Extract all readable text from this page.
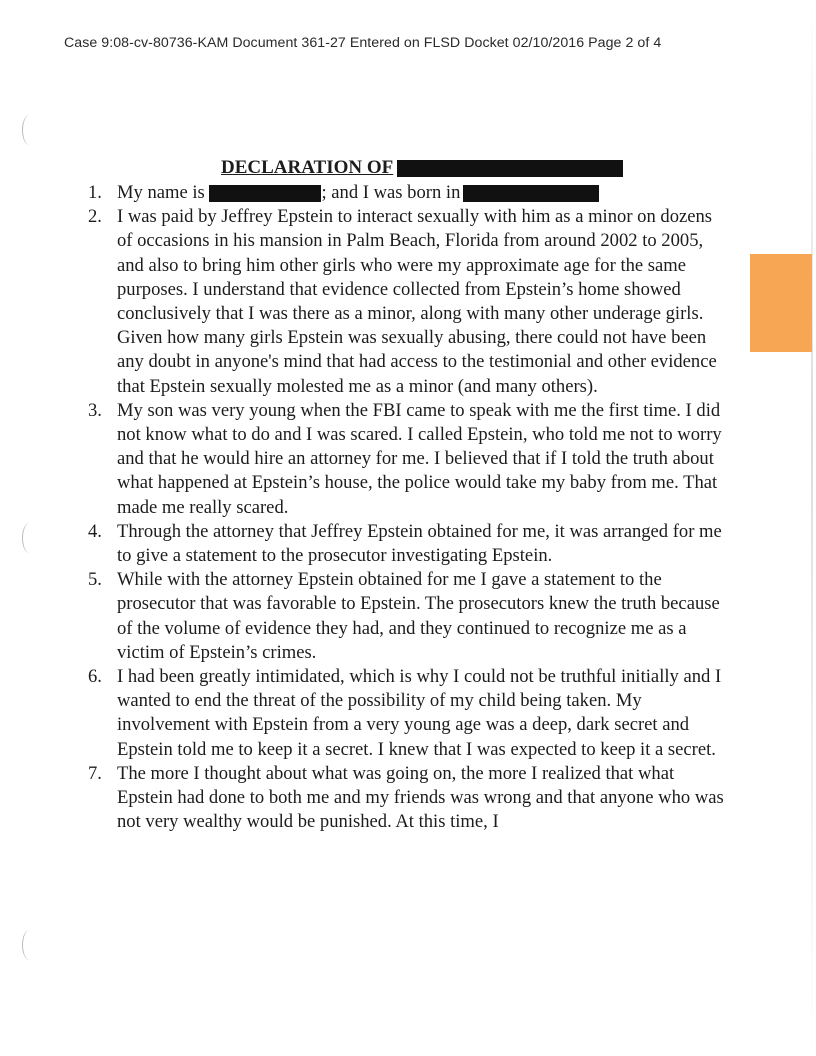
Case 9:08-cv-80736-KAM Document 361-27 Entered on FLSD Docket 02/10/2016 Page 2 of 4
DECLARATION OF
1. My name is	; and I was born in
2. I was paid by Jeffrey Epstein to interact sexually with him as a minor on dozens of occasions in his mansion in Palm Beach, Florida from around 2002 to 2005, and also to bring him other girls who were my approximate age for the same purposes. I understand that evidence collected from Epstein’s home showed conclusively that I was there as a minor, along with many other underage girls. Given how many girls Epstein was sexually abusing, there could not have been any doubt in anyone's mind that had access to the testimonial and other evidence that Epstein sexually molested me as a minor (and many others).
3. My son was very young when the FBI came to speak with me the first time. I did not know what to do and I was scared. I called Epstein, who told me not to worry and that he would hire an attorney for me. I believed that if I told the truth about what happened at Epstein’s house, the police would take my baby from me. That made me really scared.
4. Through the attorney that Jeffrey Epstein obtained for me, it was arranged for me to give a statement to the prosecutor investigating Epstein.
5. While with the attorney Epstein obtained for me I gave a statement to the prosecutor that was favorable to Epstein. The prosecutors knew the truth because of the volume of evidence they had, and they continued to recognize me as a victim of Epstein’s crimes.
6. I had been greatly intimidated, which is why I could not be truthful initially and I wanted to end the threat of the possibility of my child being taken. My involvement with Epstein from a very young age was a deep, dark secret and Epstein told me to keep it a secret. I knew that I was expected to keep it a secret.
7. The more I thought about what was going on, the more I realized that what Epstein had done to both me and my friends was wrong and that anyone who was not very wealthy would be punished. At this time, I
